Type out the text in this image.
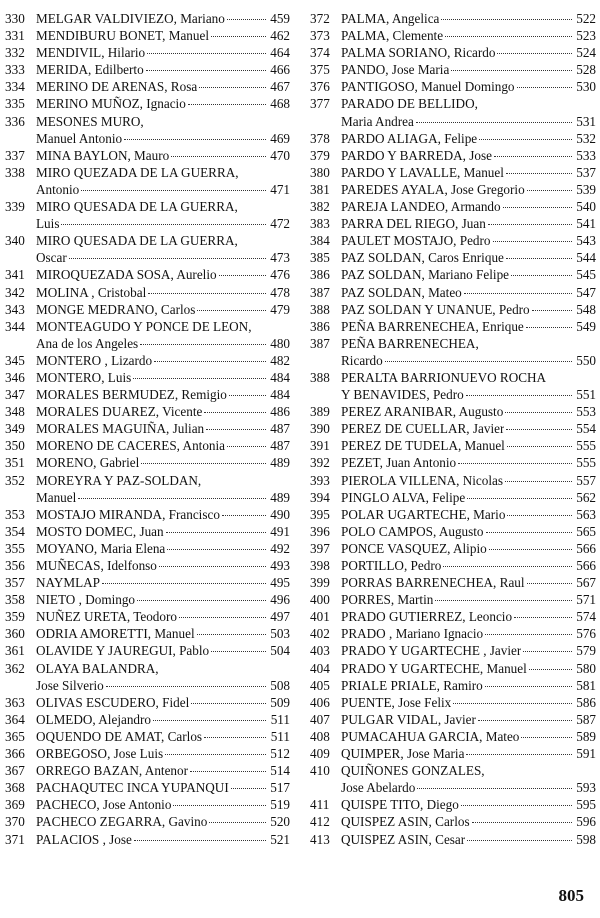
330 MELGAR VALDIVIEZO, Mariano	459
331 MENDIBURU BONET, Manuel	462
332 MENDIVIL, Hilario	464
333 MERIDA, Edilberto	466
334 MERINO DE ARENAS, Rosa	467
335 MERINO MUÑOZ, Ignacio	468
336 MESONES MURO,
Manuel Antonio	469
337 MINA BAYLON, Mauro	470
338 MIRO QUEZADA DE LA GUERRA,
Antonio	471
339 MIRO QUESADA DE LA GUERRA,
Luis	472
340 MIRO QUESADA DE LA GUERRA,
Oscar	473
341 MIROQUEZADA SOSA, Aurelio	476
342 MOLINA , Cristobal	478
343 MONGE MEDRANO, Carlos	479
344 MONTEAGUDO Y PONCE DE LEON,
Ana de los Angeles	480
345 MONTERO , Lizardo	482
346 MONTERO, Luis	484
347 MORALES BERMUDEZ, Remigio	484
348 MORALES DUAREZ, Vicente	486
349 MORALES MAGUIÑA, Julian	487
350 MORENO DE CACERES, Antonia	487
351 MORENO, Gabriel	489
352 MOREYRA Y PAZ-SOLDAN,
Manuel	489
353 MOSTAJO MIRANDA, Francisco	490
354 MOSTO DOMEC, Juan	491
355 MOYANO, Maria Elena	492
356 MUÑECAS, Idelfonso	493
357 NAYMLAP	495
358 NIETO , Domingo	496
359 NUÑEZ URETA, Teodoro	497
360 ODRIA AMORETTI, Manuel	503
361 OLAVIDE Y JAUREGUI, Pablo	504
362 OLAYA BALANDRA,
Jose Silverio	508
363 OLIVAS ESCUDERO, Fidel	509
364 OLMEDO, Alejandro	511
365 OQUENDO DE AMAT, Carlos	511
366 ORBEGOSO, Jose Luis	512
367 ORREGO BAZAN, Antenor	514
368 PACHAQUTEC INCA YUPANQUI	517
369 PACHECO, Jose Antonio	519
370 PACHECO ZEGARRA, Gavino	520
371 PALACIOS , Jose	521
372 PALMA, Angelica	522
373 PALMA, Clemente	523
374 PALMA SORIANO, Ricardo	524
375 PANDO, Jose Maria	528
376 PANTIGOSO, Manuel Domingo	530
377 PARADO DE BELLIDO,
Maria Andrea	531
378 PARDO ALIAGA, Felipe	532
379 PARDO Y BARREDA, Jose	533
380 PARDO Y LAVALLE, Manuel	537
381 PAREDES AYALA, Jose Gregorio	539
382 PAREJA LANDEO, Armando	540
383 PARRA DEL RIEGO, Juan	541
384 PAULET MOSTAJO, Pedro	543
385 PAZ SOLDAN, Caros Enrique	544
386 PAZ SOLDAN, Mariano Felipe	545
387 PAZ SOLDAN, Mateo	547
388 PAZ SOLDAN Y UNANUE, Pedro	548
386 PEÑA BARRENECHEA, Enrique	549
387 PEÑA BARRENECHEA,
Ricardo	550
388 PERALTA BARRIONUEVO ROCHA
Y BENAVIDES, Pedro	551
389 PEREZ ARANIBAR, Augusto	553
390 PEREZ DE CUELLAR, Javier	554
391 PEREZ DE TUDELA, Manuel	555
392 PEZET, Juan Antonio	555
393 PIEROLA VILLENA, Nicolas	557
394 PINGLO ALVA, Felipe	562
395 POLAR UGARTECHE, Mario	563
396 POLO CAMPOS, Augusto	565
397 PONCE VASQUEZ, Alipio	566
398 PORTILLO, Pedro	566
399 PORRAS BARRENECHEA, Raul	567
400 PORRES, Martin	571
401 PRADO GUTIERREZ, Leoncio	574
402 PRADO , Mariano Ignacio	576
403 PRADO Y UGARTECHE , Javier	579
404 PRADO Y UGARTECHE, Manuel	580
405 PRIALE PRIALE, Ramiro	581
406 PUENTE, Jose Felix	586
407 PULGAR VIDAL, Javier	587
408 PUMACAHUA GARCIA, Mateo	589
409 QUIMPER, Jose Maria	591
410 QUIÑONES GONZALES,
Jose Abelardo	593
411 QUISPE TITO, Diego	595
412 QUISPEZ ASIN, Carlos	596
413 QUISPEZ ASIN, Cesar	598
805
